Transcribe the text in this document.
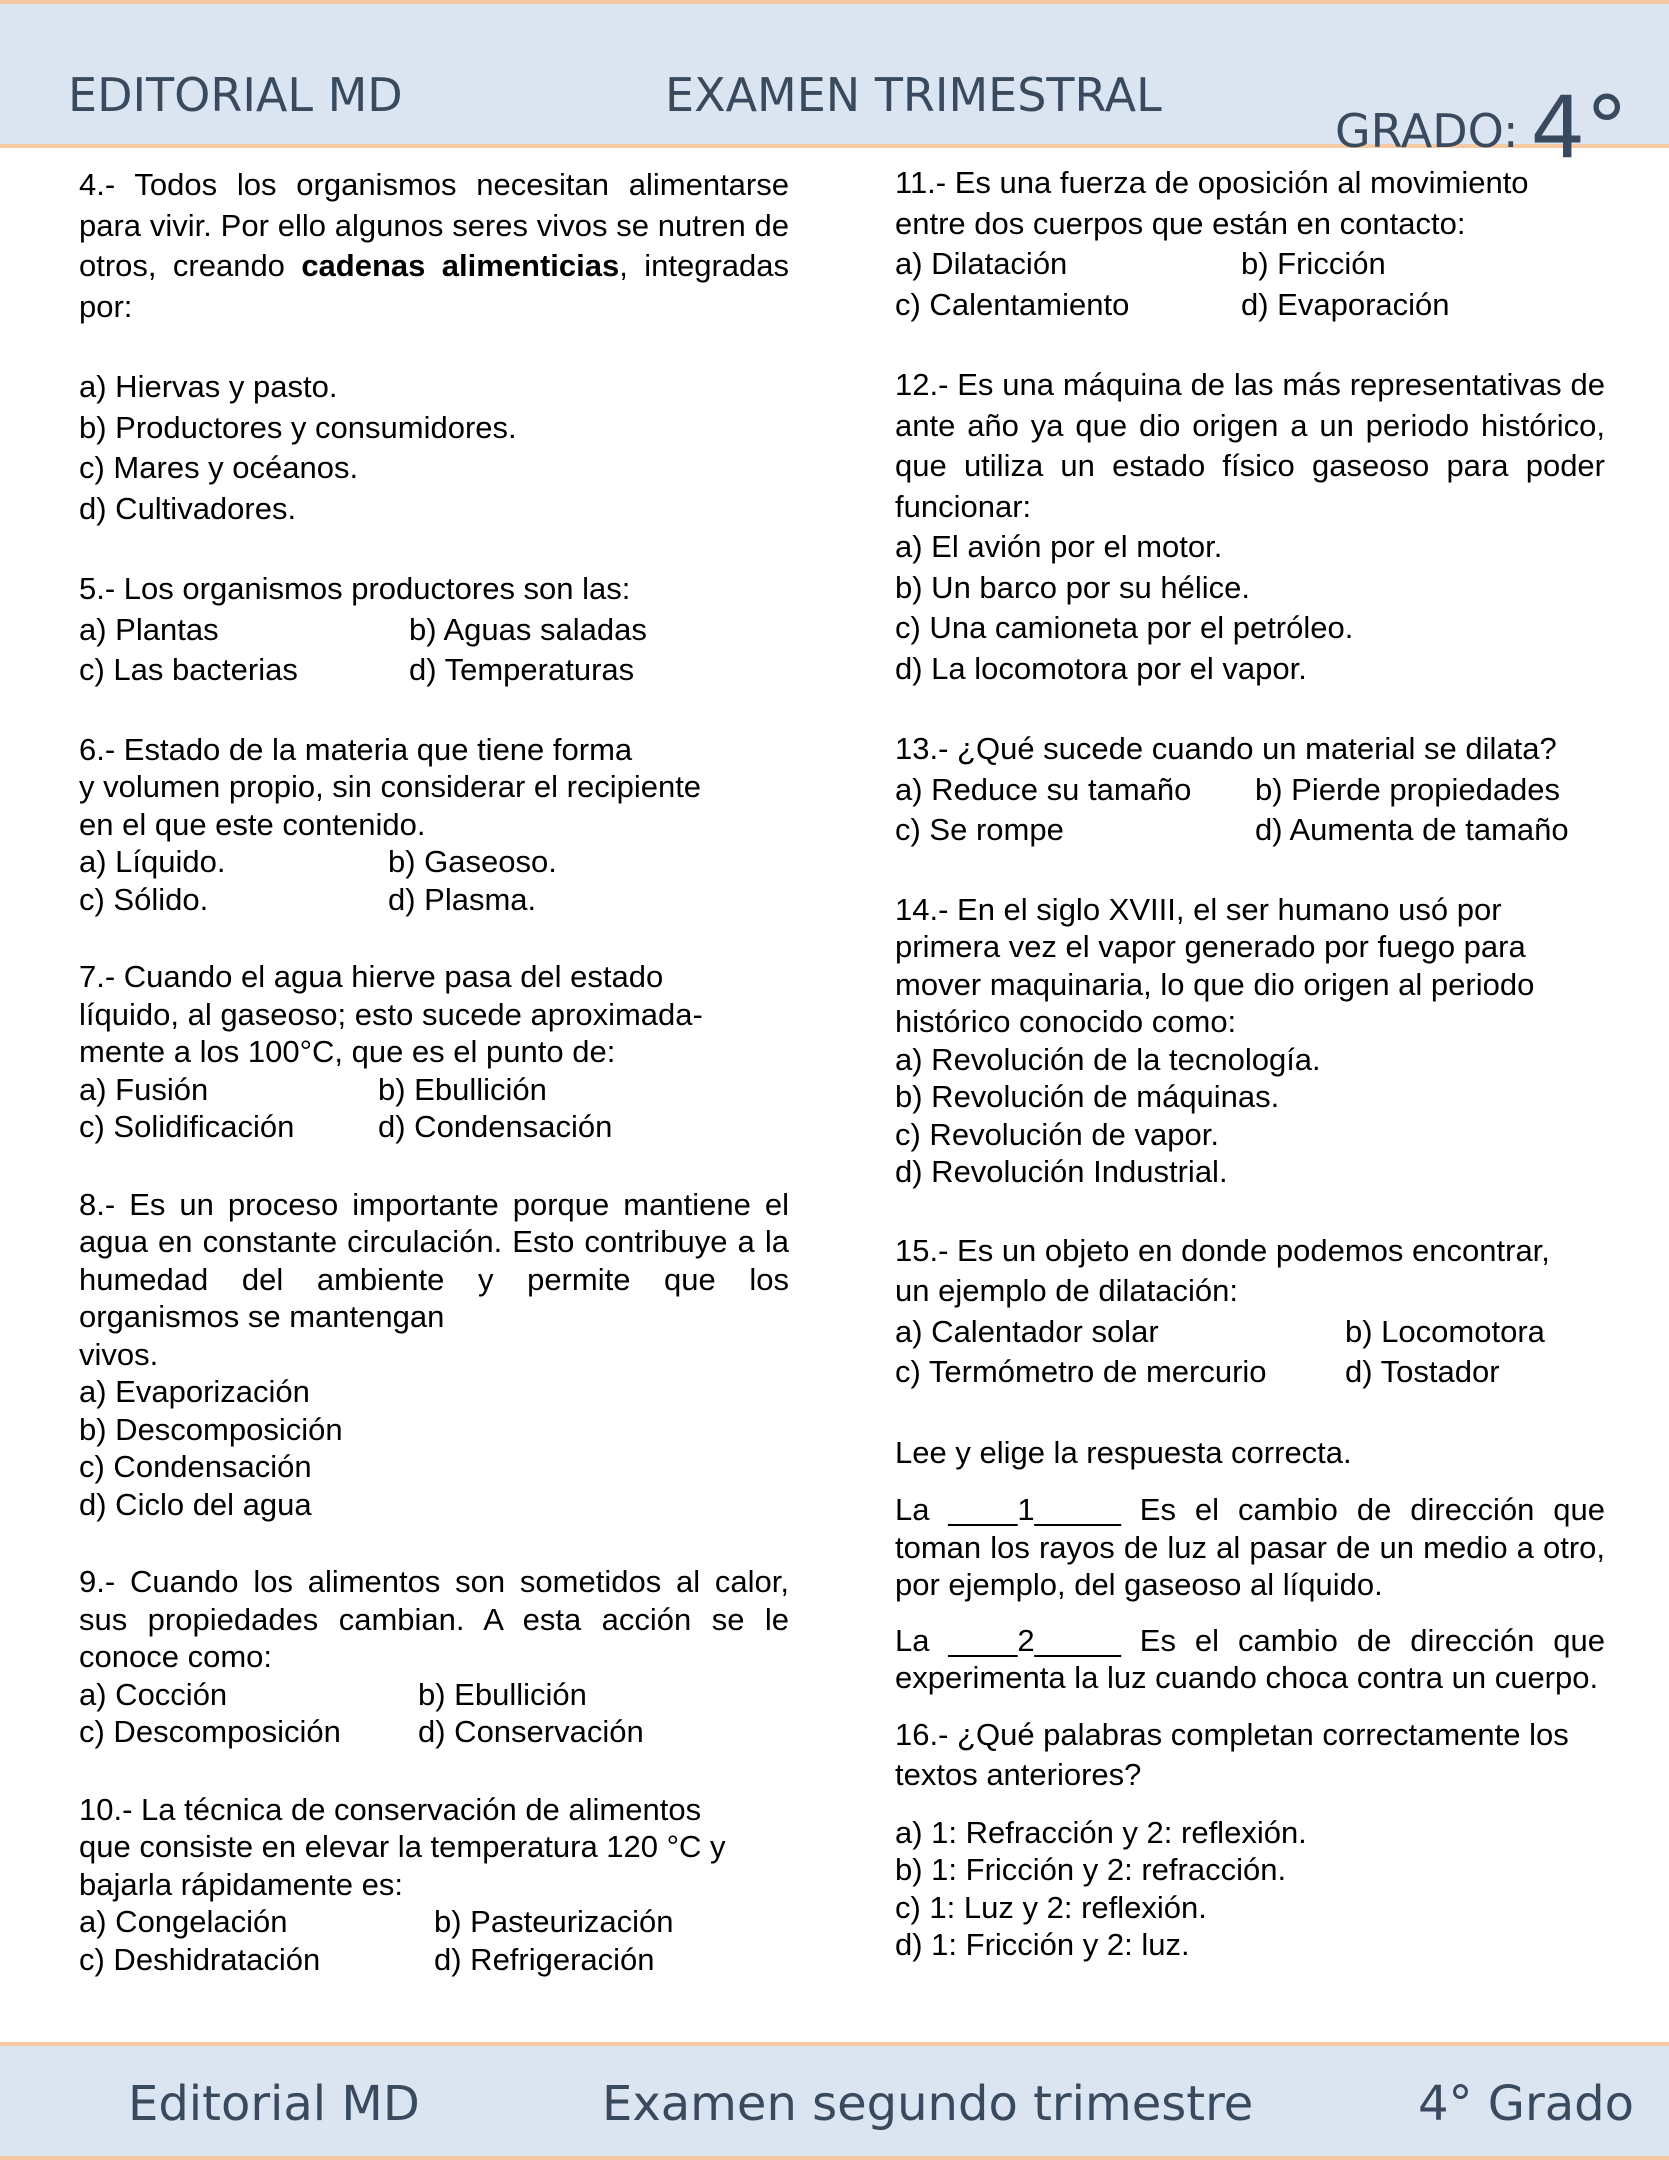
EDITORIAL MD	EXAMEN TRIMESTRAL
GRADO: 4°

4.- Todos los organismos necesitan alimentarse para vivir. Por ello algunos seres vivos se nutren de otros, creando cadenas alimenticias, integradas por:

a) Hiervas y pasto.

b) Productores y consumidores.

c) Mares y océanos.

d) Cultivadores.

5.- Los organismos productores son las:

a) Plantas	b) Aguas saladas
c) Las bacterias	d) Temperaturas

6.- Estado de la materia que tiene forma

y volumen propio, sin considerar el recipiente

en el que este contenido.

a) Líquido.	b) Gaseoso.
c) Sólido.	d) Plasma.

7.- Cuando el agua hierve pasa del estado

líquido, al gaseoso; esto sucede aproximada-

mente a los 100°C, que es el punto de:

a) Fusión	b) Ebullición
c) Solidificación	d) Condensación

8.- Es un proceso importante porque mantiene el agua en constante circulación. Esto contribuye a la humedad del ambiente y permite que los organismos se mantengan

vivos.

a) Evaporización

b) Descomposición

c) Condensación

d) Ciclo del agua

9.- Cuando los alimentos son sometidos al calor, sus propiedades cambian. A esta acción se le conoce como:

a) Cocción	b) Ebullición
c) Descomposición	d) Conservación

10.- La técnica de conservación de alimentos

que consiste en elevar la temperatura 120 °C y

bajarla rápidamente es:

a) Congelación	b) Pasteurización
c) Deshidratación	d) Refrigeración

11.- Es una fuerza de oposición al movimiento

entre dos cuerpos que están en contacto:

a) Dilatación	b) Fricción
c) Calentamiento	d) Evaporación

12.- Es una máquina de las más representativas de ante año ya que dio origen a un periodo histórico, que utiliza un estado físico gaseoso para poder funcionar:

a) El avión por el motor.

b) Un barco por su hélice.

c) Una camioneta por el petróleo.

d) La locomotora por el vapor.

13.- ¿Qué sucede cuando un material se dilata?

a) Reduce su tamaño	b) Pierde propiedades
c) Se rompe	d) Aumenta de tamaño

14.- En el siglo XVIII, el ser humano usó por

primera vez el vapor generado por fuego para

mover maquinaria, lo que dio origen al periodo

histórico conocido como:

a) Revolución de la tecnología.

b) Revolución de máquinas.

c) Revolución de vapor.

d) Revolución Industrial.

15.- Es un objeto en donde podemos encontrar,

un ejemplo de dilatación:

a) Calentador solar	b) Locomotora
c) Termómetro de mercurio	d) Tostador

Lee y elige la respuesta correcta.

La ____1_____ Es el cambio de dirección que toman los rayos de luz al pasar de un medio a otro, por ejemplo, del gaseoso al líquido.

La ____2_____ Es el cambio de dirección que experimenta la luz cuando choca contra un cuerpo.

16.- ¿Qué palabras completan correctamente los textos anteriores?

a) 1: Refracción y 2: reflexión.

b) 1: Fricción y 2: refracción.

c) 1: Luz y 2: reflexión.

d) 1: Fricción y 2: luz.

Editorial MD	Examen segundo trimestre	4° Grado
